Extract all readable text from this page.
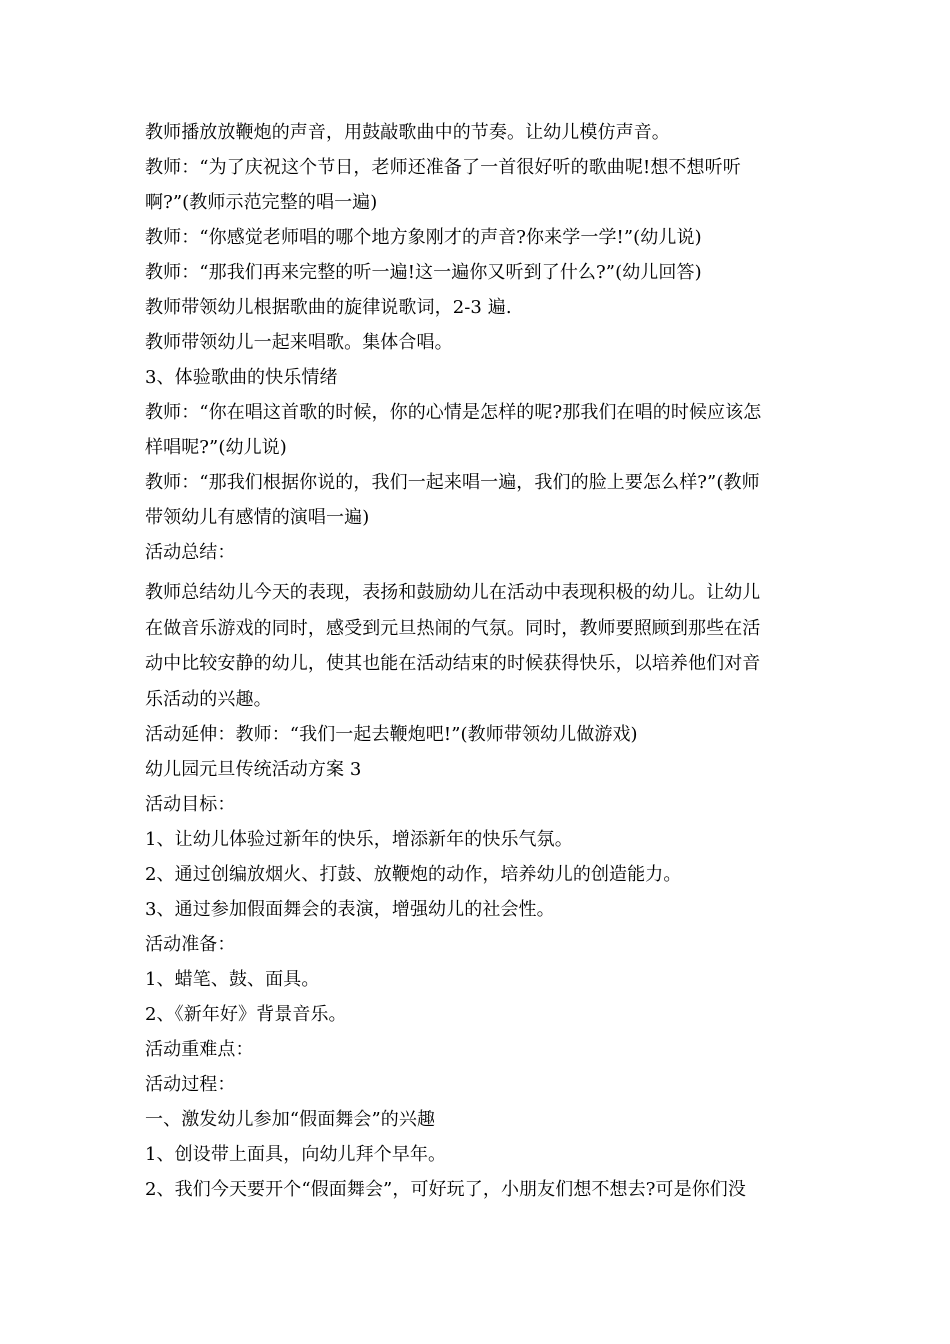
教师播放放鞭炮的声音，用鼓敲歌曲中的节奏。让幼儿模仿声音。

教师：“为了庆祝这个节日，老师还准备了一首很好听的歌曲呢!想不想听听

啊?”(教师示范完整的唱一遍)

教师：“你感觉老师唱的哪个地方象刚才的声音?你来学一学!”(幼儿说)

教师：“那我们再来完整的听一遍!这一遍你又听到了什么?”(幼儿回答)

教师带领幼儿根据歌曲的旋律说歌词，2-3 遍.

教师带领幼儿一起来唱歌。集体合唱。

3、体验歌曲的快乐情绪

教师：“你在唱这首歌的时候，你的心情是怎样的呢?那我们在唱的时候应该怎

样唱呢?”(幼儿说)

教师：“那我们根据你说的，我们一起来唱一遍，我们的脸上要怎么样?”(教师

带领幼儿有感情的演唱一遍)

活动总结：

教师总结幼儿今天的表现，表扬和鼓励幼儿在活动中表现积极的幼儿。让幼儿
在做音乐游戏的同时，感受到元旦热闹的气氛。同时，教师要照顾到那些在活
动中比较安静的幼儿，使其也能在活动结束的时候获得快乐，以培养他们对音
乐活动的兴趣。

活动延伸：教师：“我们一起去鞭炮吧!”(教师带领幼儿做游戏)

幼儿园元旦传统活动方案 3

活动目标：

1、让幼儿体验过新年的快乐，增添新年的快乐气氛。

2、通过创编放烟火、打鼓、放鞭炮的动作，培养幼儿的创造能力。

3、通过参加假面舞会的表演，增强幼儿的社会性。

活动准备：

1、蜡笔、鼓、面具。

2、《新年好》背景音乐。

活动重难点：

活动过程：

一、激发幼儿参加“假面舞会”的兴趣

1、创设带上面具，向幼儿拜个早年。

2、我们今天要开个“假面舞会”，可好玩了，小朋友们想不想去?可是你们没
